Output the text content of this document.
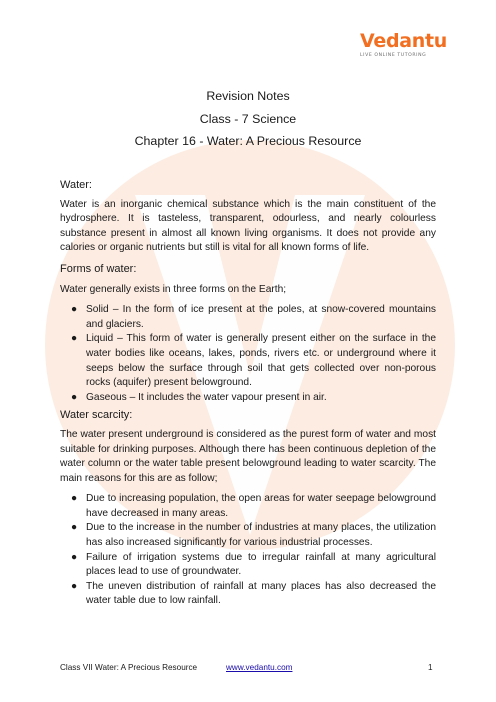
Vedantu
LIVE ONLINE TUTORING
Revision Notes
Class - 7 Science
Chapter 16 - Water: A Precious Resource

Water:

Water is an inorganic chemical substance which is the main constituent of the hydrosphere. It is tasteless, transparent, odourless, and nearly colourless substance present in almost all known living organisms. It does not provide any calories or organic nutrients but still is vital for all known forms of life.

Forms of water:

Water generally exists in three forms on the Earth;

● Solid – In the form of ice present at the poles, at snow-covered mountains and glaciers.
● Liquid – This form of water is generally present either on the surface in the water bodies like oceans, lakes, ponds, rivers etc. or underground where it seeps below the surface through soil that gets collected over non-porous rocks (aquifer) present belowground.
● Gaseous – It includes the water vapour present in air.

Water scarcity:

The water present underground is considered as the purest form of water and most suitable for drinking purposes. Although there has been continuous depletion of the water column or the water table present belowground leading to water scarcity. The main reasons for this are as follow;

● Due to increasing population, the open areas for water seepage belowground have decreased in many areas.
● Due to the increase in the number of industries at many places, the utilization has also increased significantly for various industrial processes.
● Failure of irrigation systems due to irregular rainfall at many agricultural places lead to use of groundwater.
● The uneven distribution of rainfall at many places has also decreased the water table due to low rainfall.
Class VII Water: A Precious Resource	www.vedantu.com	1
